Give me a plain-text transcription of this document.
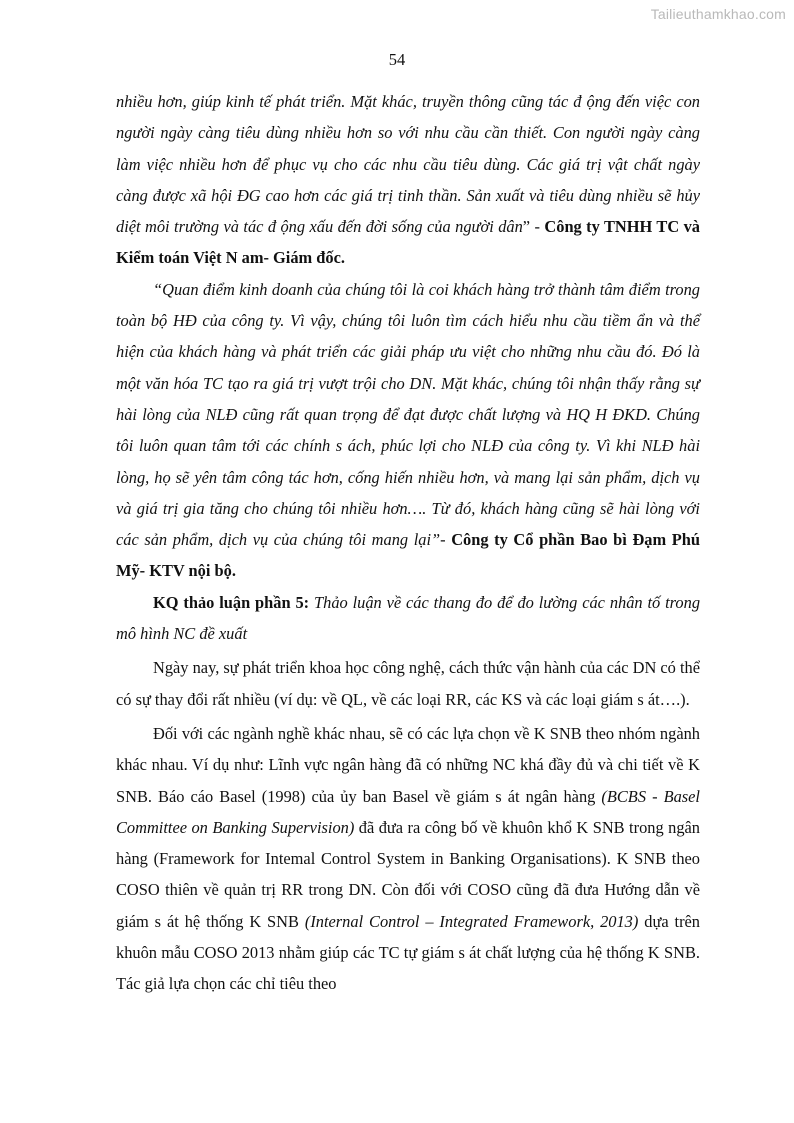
Tailieuthamkhao.com
54

nhiều hơn, giúp kinh tế phát triển. Mặt khác, truyền thông cũng tác đ ộng đến việc con người ngày càng tiêu dùng nhiều hơn so với nhu cầu cần thiết. Con người ngày càng làm việc nhiều hơn để phục vụ cho các nhu cầu tiêu dùng. Các giá trị vật chất ngày càng được xã hội ĐG cao hơn các giá trị tinh thần. Sản xuất và tiêu dùng nhiều sẽ hủy diệt môi trường và tác đ ộng xấu đến đời sống của người dân” - Công ty TNHH TC và Kiểm toán Việt N am- Giám đốc.

“Quan điểm kinh doanh của chúng tôi là coi khách hàng trở thành tâm điểm trong toàn bộ HĐ của công ty. Vì vậy, chúng tôi luôn tìm cách hiểu nhu cầu tiềm ẩn và thể hiện của khách hàng và phát triển các giải pháp ưu việt cho những nhu cầu đó. Đó là một văn hóa TC tạo ra giá trị vượt trội cho DN. Mặt khác, chúng tôi nhận thấy rằng sự hài lòng của NLĐ cũng rất quan trọng để đạt được chất lượng và HQ H ĐKD. Chúng tôi luôn quan tâm tới các chính s ách, phúc lợi cho NLĐ của công ty. Vì khi NLĐ hài lòng, họ sẽ yên tâm công tác hơn, cống hiến nhiều hơn, và mang lại sản phẩm, dịch vụ và giá trị gia tăng cho chúng tôi nhiều hơn…. Từ đó, khách hàng cũng sẽ hài lòng với các sản phẩm, dịch vụ của chúng tôi mang lại”- Công ty Cổ phần Bao bì Đạm Phú Mỹ- KTV nội bộ.

KQ thảo luận phần 5: Thảo luận về các thang đo để đo lường các nhân tố trong mô hình NC đề xuất

Ngày nay, sự phát triển khoa học công nghệ, cách thức vận hành của các DN có thể có sự thay đổi rất nhiều (ví dụ: về QL, về các loại RR, các KS và các loại giám s át….).

Đối với các ngành nghề khác nhau, sẽ có các lựa chọn về K SNB theo nhóm ngành khác nhau. Ví dụ như: Lĩnh vực ngân hàng đã có những NC khá đầy đủ và chi tiết về K SNB. Báo cáo Basel (1998) của ủy ban Basel về giám s át ngân hàng (BCBS - Basel Committee on Banking Supervision) đã đưa ra công bố về khuôn khổ K SNB trong ngân hàng (Framework for Intemal Control System in Banking Organisations). K SNB theo COSO thiên về quản trị RR trong DN. Còn đối với COSO cũng đã đưa Hướng dẫn về giám s át hệ thống K SNB (Internal Control – Integrated Framework, 2013) dựa trên khuôn mẫu COSO 2013 nhằm giúp các TC tự giám s át chất lượng của hệ thống K SNB. Tác giả lựa chọn các chỉ tiêu theo
